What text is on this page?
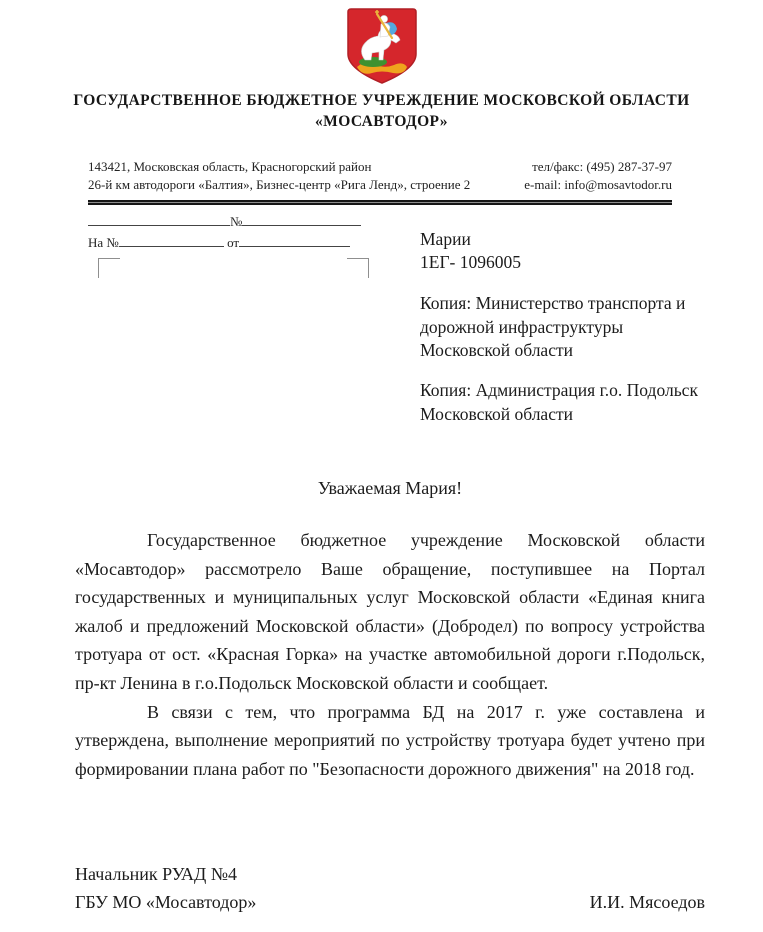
ГОСУДАРСТВЕННОЕ БЮДЖЕТНОЕ УЧРЕЖДЕНИЕ МОСКОВСКОЙ ОБЛАСТИ
«МОСАВТОДОР»
143421, Московская область, Красногорский район
26-й км автодороги «Балтия», Бизнес-центр «Рига Ленд», строение 2
тел/факс: (495) 287-37-97
e-mail: info@mosavtodor.ru
№
На №	от	Марии
1ЕГ- 1096005
Копия: Министерство транспорта и
дорожной инфраструктуры
Московской области
Копия: Администрация г.о. Подольск
Московской области
Уважаемая Мария!

Государственное бюджетное учреждение Московской области «Мосавтодор» рассмотрело Ваше обращение, поступившее на Портал государственных и муниципальных услуг Московской области «Единая книга жалоб и предложений Московской области» (Добродел) по вопросу устройства тротуара от ост. «Красная Горка» на участке автомобильной дороги г.Подольск, пр-кт Ленина в г.о.Подольск Московской области и сообщает.

В связи с тем, что программа БД на 2017 г. уже составлена и утверждена, выполнение мероприятий по устройству тротуара будет учтено при формировании плана работ по "Безопасности дорожного движения" на 2018 год.

Начальник РУАД №4
ГБУ МО «Мосавтодор»	И.И. Мясоедов
